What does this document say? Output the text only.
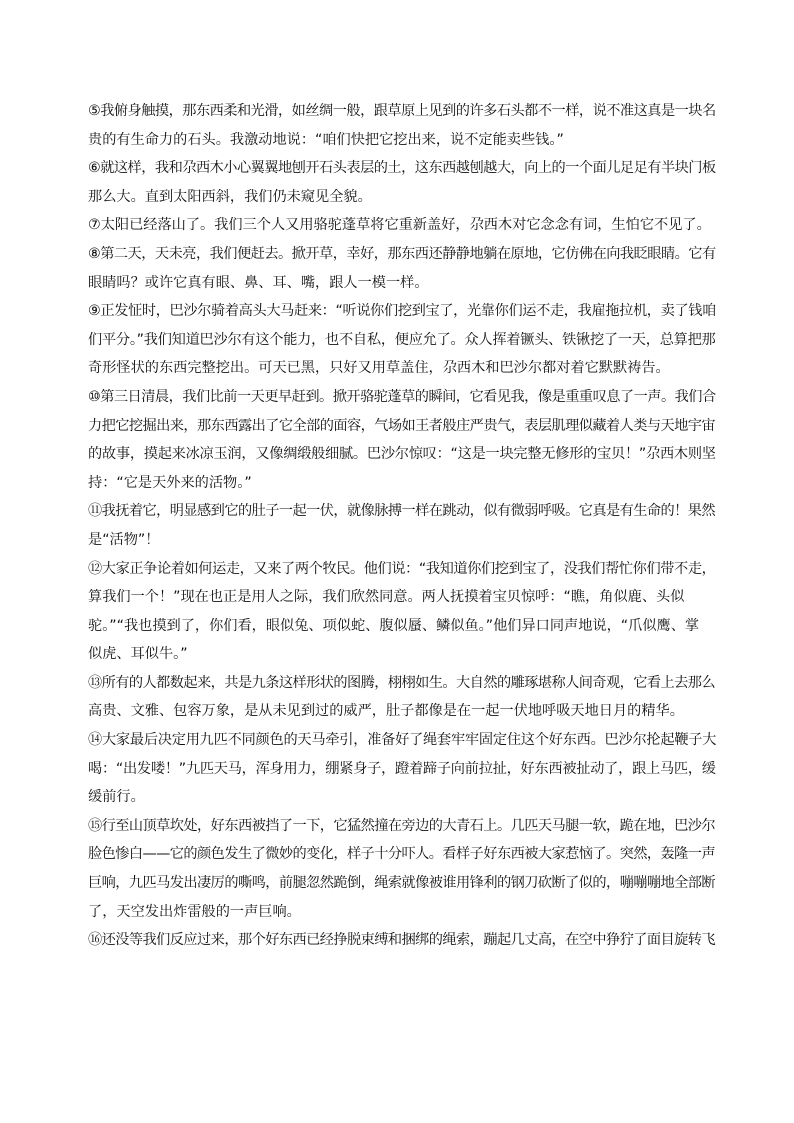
⑤我俯身触摸，那东西柔和光滑，如丝绸一般，跟草原上见到的许多石头都不一样，说不准这真是一块名
贵的有生命力的石头。我激动地说：“咱们快把它挖出来，说不定能卖些钱。”
⑥就这样，我和尕西木小心翼翼地刨开石头表层的土，这东西越刨越大，向上的一个面儿足足有半块门板
那么大。直到太阳西斜，我们仍未窥见全貌。
⑦太阳已经落山了。我们三个人又用骆驼蓬草将它重新盖好，尕西木对它念念有词，生怕它不见了。
⑧第二天，天未亮，我们便赶去。掀开草，幸好，那东西还静静地躺在原地，它仿佛在向我眨眼睛。它有
眼睛吗？或许它真有眼、鼻、耳、嘴，跟人一模一样。
⑨正发怔时，巴沙尔骑着高头大马赶来：“听说你们挖到宝了，光靠你们运不走，我雇拖拉机，卖了钱咱
们平分。”我们知道巴沙尔有这个能力，也不自私，便应允了。众人挥着镢头、铁锹挖了一天，总算把那
奇形怪状的东西完整挖出。可天已黑，只好又用草盖住，尕西木和巴沙尔都对着它默默祷告。
⑩第三日清晨，我们比前一天更早赶到。掀开骆驼蓬草的瞬间，它看见我，像是重重叹息了一声。我们合
力把它挖掘出来，那东西露出了它全部的面容，气场如王者般庄严贵气，表层肌理似藏着人类与天地宇宙
的故事，摸起来冰凉玉润，又像绸缎般细腻。巴沙尔惊叹：“这是一块完整无修形的宝贝！”尕西木则坚
持：“它是天外来的活物。”
⑪我抚着它，明显感到它的肚子一起一伏，就像脉搏一样在跳动，似有微弱呼吸。它真是有生命的！果然
是“活物”！
⑫大家正争论着如何运走，又来了两个牧民。他们说：“我知道你们挖到宝了，没我们帮忙你们带不走，
算我们一个！”现在也正是用人之际，我们欣然同意。两人抚摸着宝贝惊呼：“瞧，角似鹿、头似
驼。”“我也摸到了，你们看，眼似兔、项似蛇、腹似蜃、鳞似鱼。”他们异口同声地说，“爪似鹰、掌
似虎、耳似牛。”
⑬所有的人都数起来，共是九条这样形状的图腾，栩栩如生。大自然的雕琢堪称人间奇观，它看上去那么
高贵、文雅、包容万象，是从未见到过的威严，肚子都像是在一起一伏地呼吸天地日月的精华。
⑭大家最后决定用九匹不同颜色的天马牵引，准备好了绳套牢牢固定住这个好东西。巴沙尔抡起鞭子大
喝：“出发喽！”九匹天马，浑身用力，绷紧身子，蹬着蹄子向前拉扯，好东西被扯动了，跟上马匹，缓
缓前行。
⑮行至山顶草坎处，好东西被挡了一下，它猛然撞在旁边的大青石上。几匹天马腿一软，跪在地，巴沙尔
脸色惨白——它的颜色发生了微妙的变化，样子十分吓人。看样子好东西被大家惹恼了。突然，轰隆一声
巨响，九匹马发出凄厉的嘶鸣，前腿忽然跪倒，绳索就像被谁用锋利的钢刀砍断了似的，嘣嘣嘣地全部断
了，天空发出炸雷般的一声巨响。
⑯还没等我们反应过来，那个好东西已经挣脱束缚和捆绑的绳索，蹦起几丈高，在空中狰狞了面目旋转飞
